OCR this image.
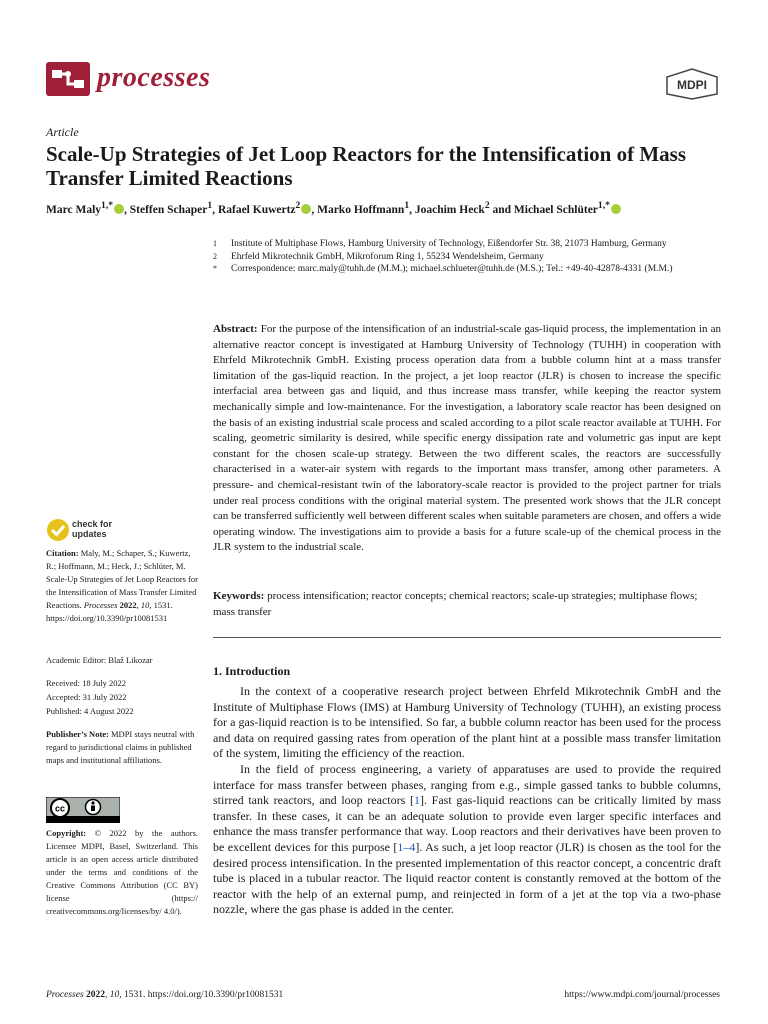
processes	MDPI
Article
Scale-Up Strategies of Jet Loop Reactors for the Intensification of Mass Transfer Limited Reactions
Marc Maly$^{1,*}$ , Steffen Schaper$^1$, Rafael Kuwertz$^2$ , Marko Hoffmann$^1$, Joachim Heck$^2$ and Michael Schlüter$^{1,*}$
1	Institute of Multiphase Flows, Hamburg University of Technology, Eißendorfer Str. 38, 21073 Hamburg, Germany
2	Ehrfeld Mikrotechnik GmbH, Mikroforum Ring 1, 55234 Wendelsheim, Germany
*	Correspondence: marc.maly@tuhh.de (M.M.); michael.schlueter@tuhh.de (M.S.); Tel.: +49-40-42878-4331 (M.M.)
Abstract: For the purpose of the intensification of an industrial-scale gas-liquid process, the implementation in an alternative reactor concept is investigated at Hamburg University of Technology (TUHH) in cooperation with Ehrfeld Mikrotechnik GmbH. Existing process operation data from a bubble column hint at a mass transfer limitation of the gas-liquid reaction. In the project, a jet loop reactor (JLR) is chosen to increase the specific interfacial area between gas and liquid, and thus increase mass transfer, while keeping the reactor system mechanically simple and low-maintenance. For the investigation, a laboratory scale reactor has been designed on the basis of an existing industrial scale process and scaled according to a pilot scale reactor available at TUHH. For scaling, geometric similarity is desired, while specific energy dissipation rate and volumetric gas input are kept constant for the chosen scale-up strategy. Between the two different scales, the reactors are successfully characterised in a water-air system with regards to the important mass transfer, among other parameters. A pressure- and chemical-resistant twin of the laboratory-scale reactor is provided to the project partner for trials under real process conditions with the original material system. The presented work shows that the JLR concept can be transferred sufficiently well between different scales when suitable parameters are chosen, and offers a wide operating window. The investigations aim to provide a basis for a future scale-up of the chemical process in the JLR system to the industrial scale.
Keywords: process intensification; reactor concepts; chemical reactors; scale-up strategies; multiphase flows; mass transfer
1. Introduction

In the context of a cooperative research project between Ehrfeld Mikrotechnik GmbH and the Institute of Multiphase Flows (IMS) at Hamburg University of Technology (TUHH), an existing process for a gas-liquid reaction is to be intensified. So far, a bubble column reactor has been used for the process and data on required gassing rates from operation of the plant hint at a possible mass transfer limitation of the system, limiting the efficiency of the reaction.

In the field of process engineering, a variety of apparatuses are used to provide the required interface for mass transfer between phases, ranging from e.g., simple gassed tanks to bubble columns, stirred tank reactors, and loop reactors [1]. Fast gas-liquid reactions can be critically limited by mass transfer. In these cases, it can be an adequate solution to provide even larger specific interfaces and enhance the mass transfer performance that way. Loop reactors and their derivatives have been proven to be excellent devices for this purpose [1–4]. As such, a jet loop reactor (JLR) is chosen as the tool for the desired process intensification. In the presented implementation of this reactor concept, a concentric draft tube is placed in a tubular reactor. The liquid reactor content is constantly removed at the bottom of the reactor with the help of an external pump, and reinjected in form of a jet at the top via a two-phase nozzle, where the gas phase is added in the center.

check for
updates
Citation: Maly, M.; Schaper, S.; Kuwertz, R.; Hoffmann, M.; Heck, J.; Schlüter, M. Scale-Up Strategies of Jet Loop Reactors for the Intensification of Mass Transfer Limited Reactions. Processes 2022, 10, 1531. https://doi.org/10.3390/pr10081531
Academic Editor: Blaž Likozar
Received: 18 July 2022
Accepted: 31 July 2022
Published: 4 August 2022
Publisher’s Note: MDPI stays neutral with regard to jurisdictional claims in published maps and institutional affiliations.
cc
Copyright: © 2022 by the authors. Licensee MDPI, Basel, Switzerland. This article is an open access article distributed under the terms and conditions of the Creative Commons Attribution (CC BY) license (https:// creativecommons.org/licenses/by/ 4.0/).
Processes 2022, 10, 1531. https://doi.org/10.3390/pr10081531	https://www.mdpi.com/journal/processes
